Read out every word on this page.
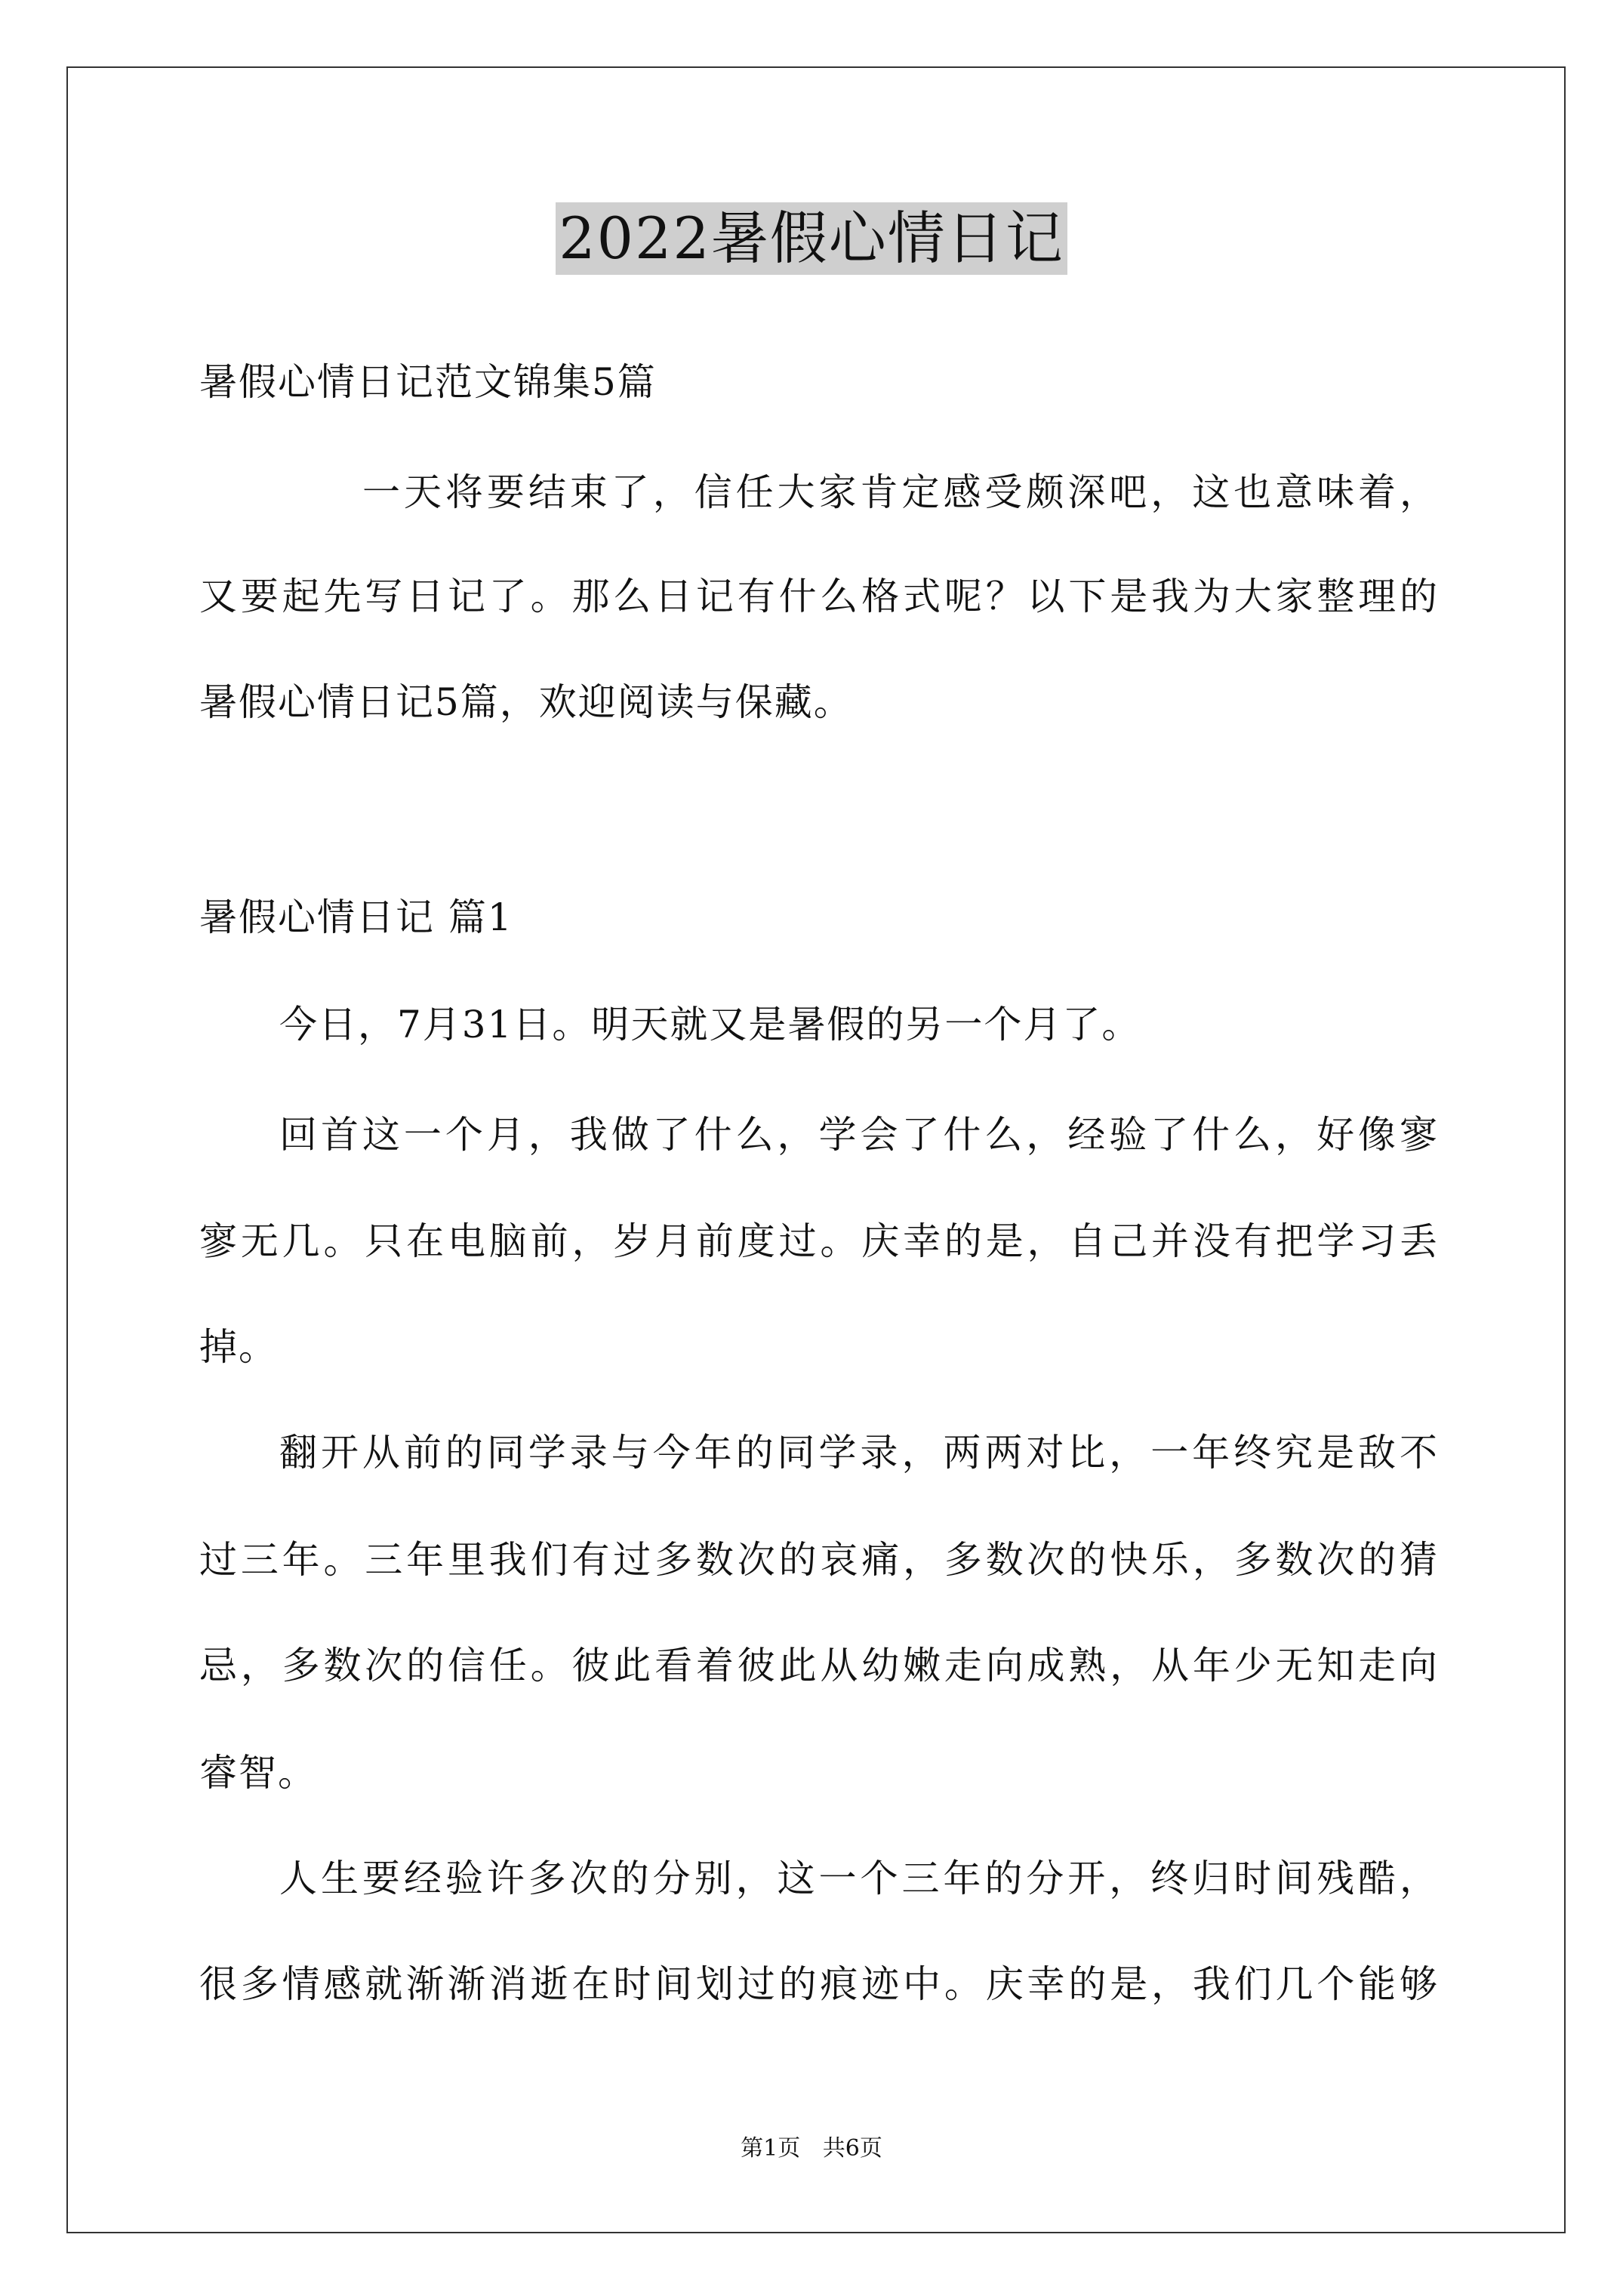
2022暑假心情日记
暑假心情日记范文锦集5篇
一天将要结束了，信任大家肯定感受颇深吧，这也意味着，
又要起先写日记了。那么日记有什么格式呢？以下是我为大家整理的
暑假心情日记5篇，欢迎阅读与保藏。
暑假心情日记 篇1
今日，7月31日。明天就又是暑假的另一个月了。
回首这一个月，我做了什么，学会了什么，经验了什么，好像寥
寥无几。只在电脑前，岁月前度过。庆幸的是，自己并没有把学习丢
掉。
翻开从前的同学录与今年的同学录，两两对比，一年终究是敌不
过三年。三年里我们有过多数次的哀痛，多数次的快乐，多数次的猜
忌，多数次的信任。彼此看着彼此从幼嫩走向成熟，从年少无知走向
睿智。
人生要经验许多次的分别，这一个三年的分开，终归时间残酷，
很多情感就渐渐消逝在时间划过的痕迹中。庆幸的是，我们几个能够
第1页 共6页
